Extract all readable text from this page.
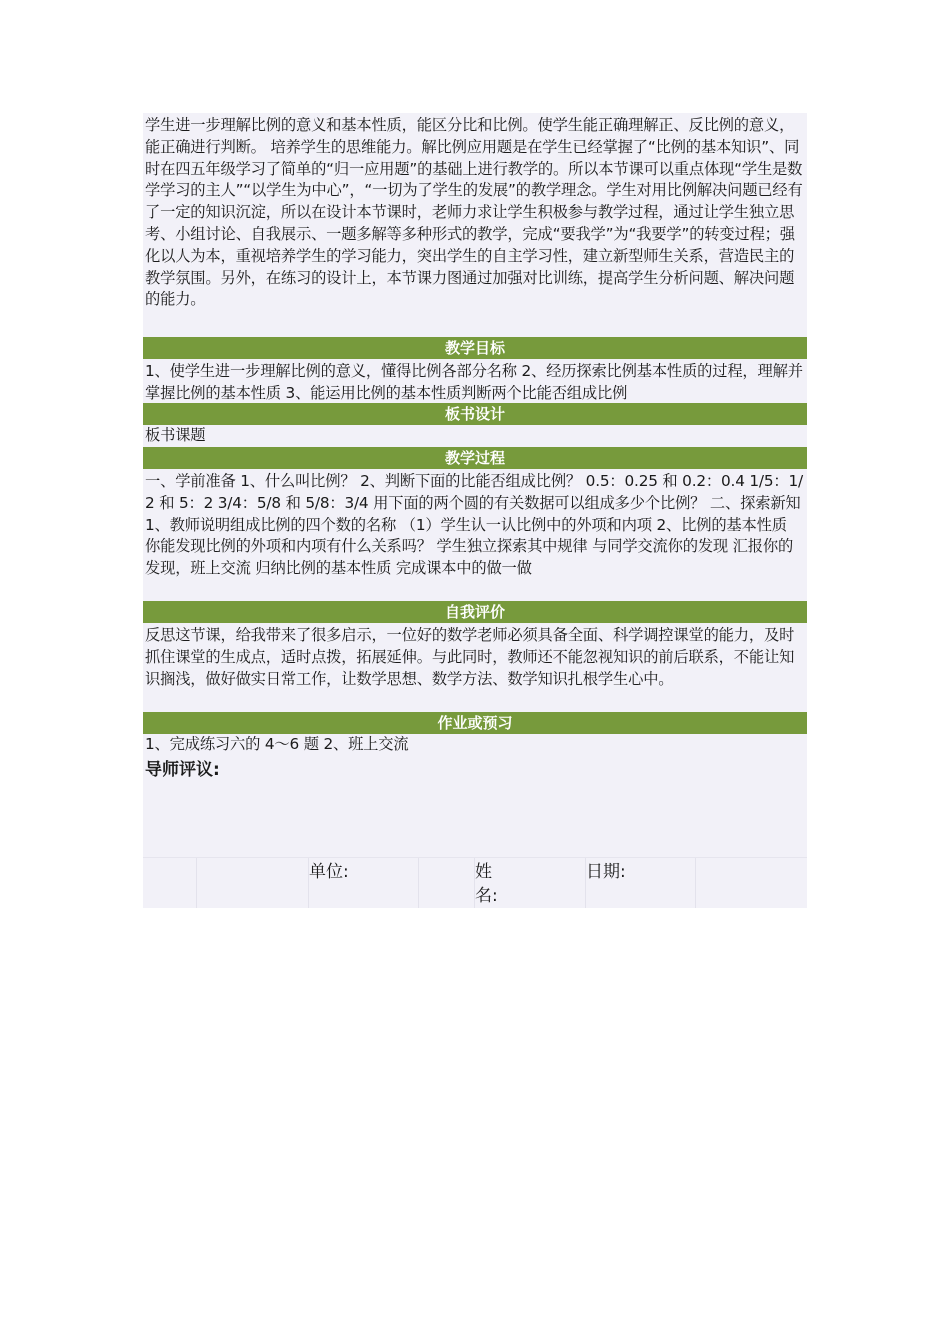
学生进一步理解比例的意义和基本性质，能区分比和比例。使学生能正确理解正、反比例的意义，能正确进行判断。 培养学生的思维能力。解比例应用题是在学生已经掌握了“比例的基本知识”、同时在四五年级学习了简单的“归一应用题”的基础上进行教学的。所以本节课可以重点体现“学生是数学学习的主人”“以学生为中心”，“一切为了学生的发展”的教学理念。学生对用比例解决问题已经有了一定的知识沉淀，所以在设计本节课时，老师力求让学生积极参与教学过程，通过让学生独立思考、小组讨论、自我展示、一题多解等多种形式的教学，完成“要我学”为“我要学”的转变过程；强化以人为本，重视培养学生的学习能力，突出学生的自主学习性，建立新型师生关系，营造民主的教学氛围。另外，在练习的设计上，本节课力图通过加强对比训练，提高学生分析问题、解决问题的能力。
教学目标
1、使学生进一步理解比例的意义，懂得比例各部分名称 2、经历探索比例基本性质的过程，理解并掌握比例的基本性质 3、能运用比例的基本性质判断两个比能否组成比例
板书设计
板书课题
教学过程
一、学前准备 1、什么叫比例？ 2、判断下面的比能否组成比例？ 0.5：0.25 和 0.2：0.4 1/5：1/2 和 5：2 3/4：5/8 和 5/8：3/4 用下面的两个圆的有关数据可以组成多少个比例？ 二、探索新知 1、教师说明组成比例的四个数的名称 （1）学生认一认比例中的外项和内项 2、比例的基本性质 你能发现比例的外项和内项有什么关系吗？ 学生独立探索其中规律 与同学交流你的发现 汇报你的发现，班上交流 归纳比例的基本性质 完成课本中的做一做
自我评价
反思这节课，给我带来了很多启示，一位好的数学老师必须具备全面、科学调控课堂的能力，及时抓住课堂的生成点，适时点拨，拓展延伸。与此同时，教师还不能忽视知识的前后联系，不能让知识搁浅，做好做实日常工作，让数学思想、数学方法、数学知识扎根学生心中。
作业或预习
1、完成练习六的 4～6 题 2、班上交流
导师评议:
单位:	姓名:
日期:
